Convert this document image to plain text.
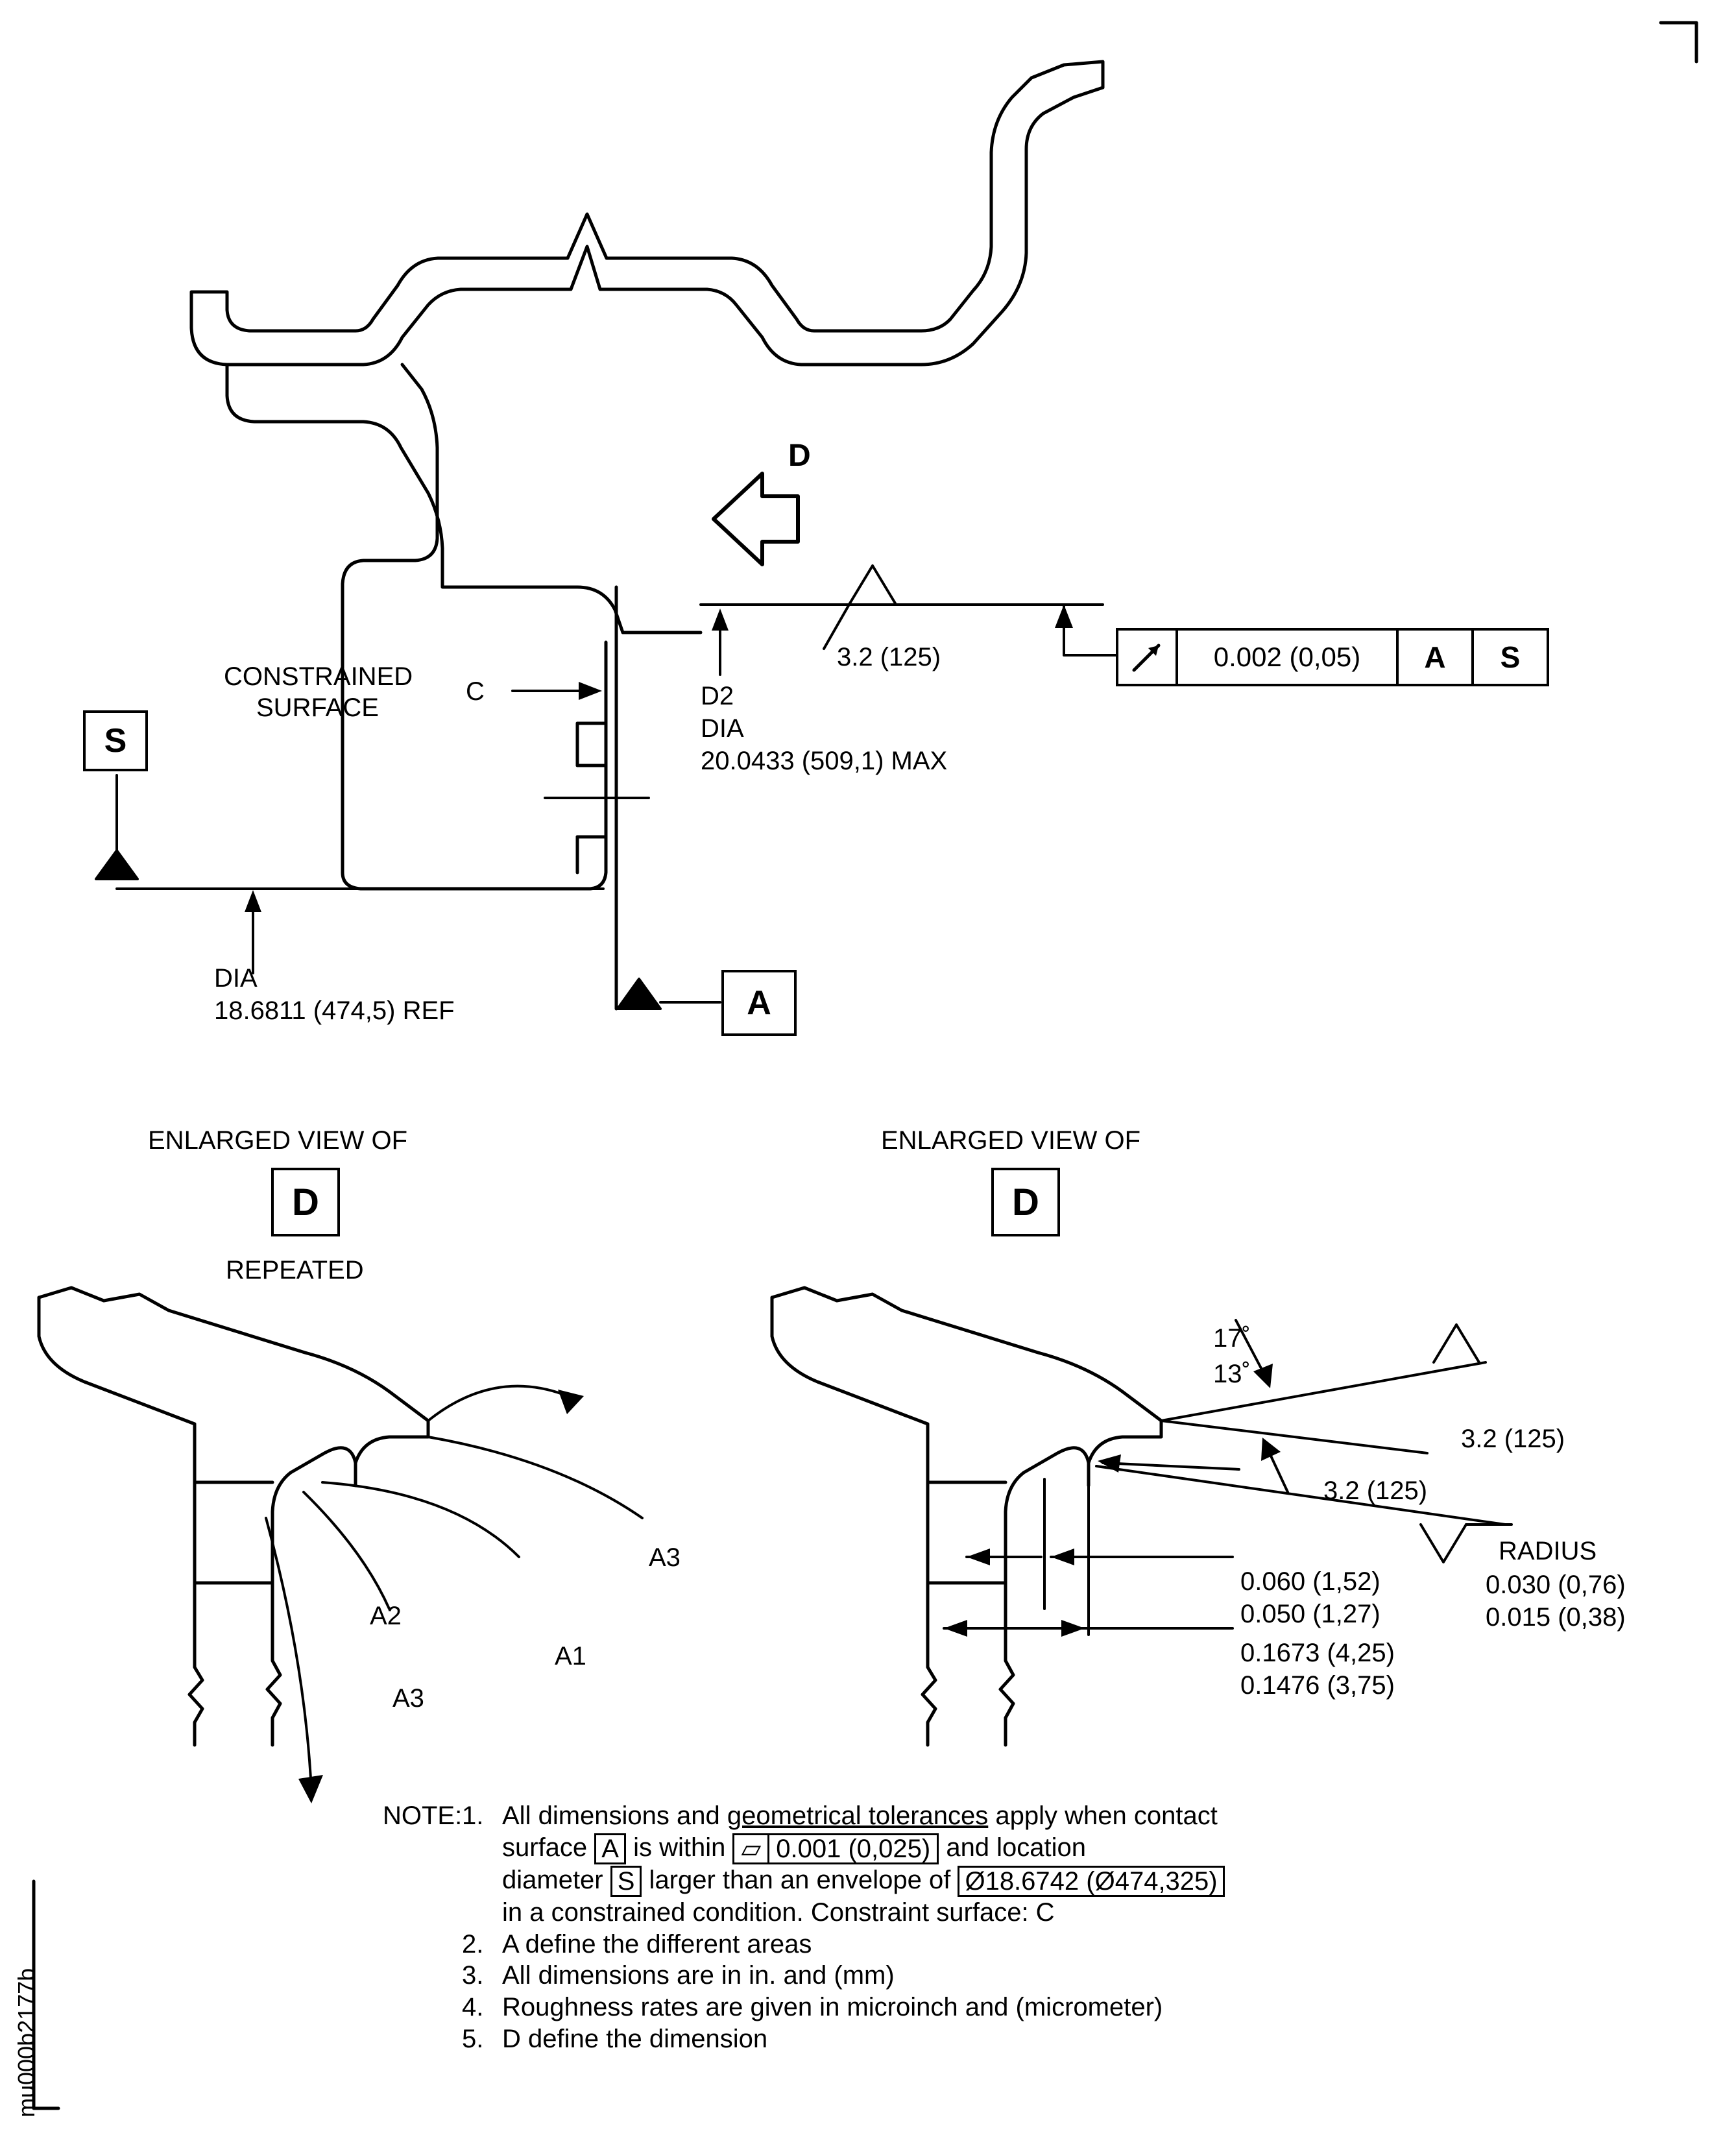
CONSTRAINED
SURFACE
C	D2
DIA
20.0433 (509,1) MAX
3.2 (125)
DIA
18.6811 (474,5) REF
D
S
A
0.002 (0,05)	A	S
ENLARGED VIEW OF
D
REPEATED
A3
A2
A1
A3
ENLARGED VIEW OF
D
17˚
13˚
3.2 (125)
3.2 (125)
RADIUS
0.030 (0,76)
0.015 (0,38)
0.060 (1,52)
0.050 (1,27)
0.1673 (4,25)
0.1476 (3,75)
NOTE: 1. All dimensions and geometrical tolerances apply when contact
surface A is within ⏥ 0.001 (0,025) and location
diameter S larger than an envelope of Ø18.6742 (Ø474,325)
in a constrained condition. Constraint surface: C
2. A define the different areas
3. All dimensions are in in. and (mm)
4. Roughness rates are given in microinch and (micrometer)
5. D define the dimension
mu000b2177b
